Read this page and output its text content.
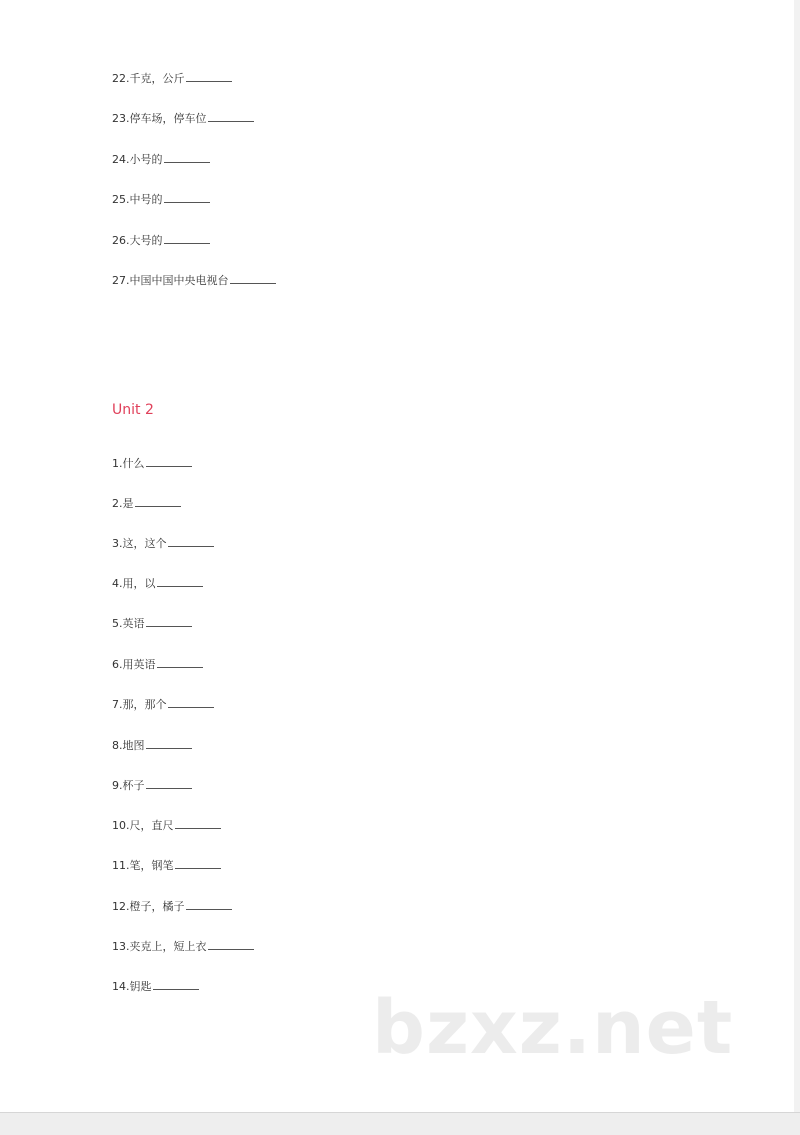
22.千克，公斤
23.停车场，停车位
24.小号的
25.中号的
26.大号的
27.中国中国中央电视台
Unit 2
1.什么
2.是
3.这，这个
4.用，以
5.英语
6.用英语
7.那，那个
8.地图
9.杯子
10.尺，直尺
11.笔，钢笔
12.橙子，橘子
13.夹克上，短上衣
14.钥匙	bzxz.net
